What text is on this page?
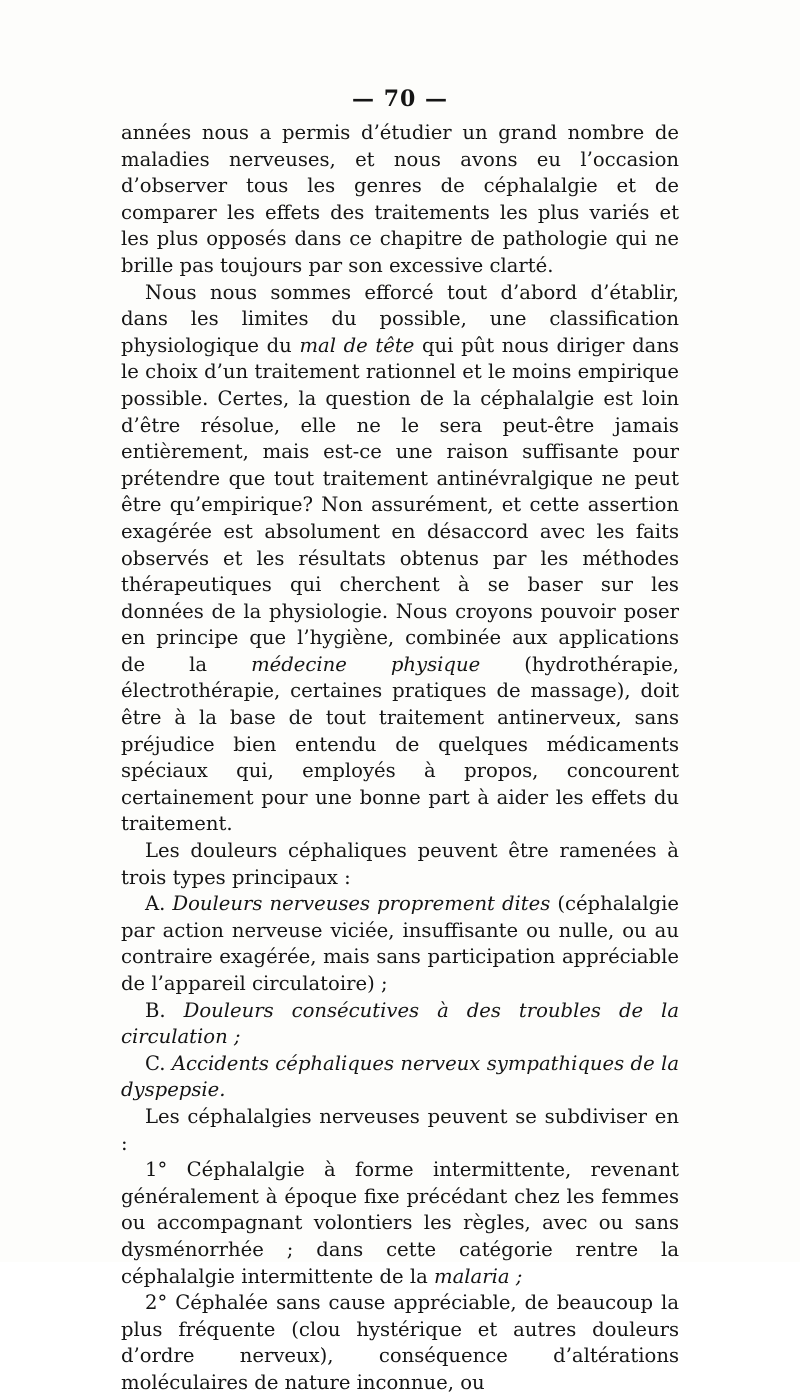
— 70 —

années nous a permis d’étudier un grand nombre de maladies nerveuses, et nous avons eu l’occasion d’observer tous les genres de céphalalgie et de comparer les effets des traitements les plus variés et les plus opposés dans ce chapitre de pathologie qui ne brille pas toujours par son excessive clarté.

Nous nous sommes efforcé tout d’abord d’établir, dans les limites du possible, une classification physiologique du mal de tête qui pût nous diriger dans le choix d’un traitement rationnel et le moins empirique possible. Certes, la question de la céphalalgie est loin d’être résolue, elle ne le sera peut-être jamais entièrement, mais est-ce une raison suffisante pour prétendre que tout traitement antinévralgique ne peut être qu’empirique? Non assurément, et cette assertion exagérée est absolument en désaccord avec les faits observés et les résultats obtenus par les méthodes thérapeutiques qui cherchent à se baser sur les données de la physiologie. Nous croyons pouvoir poser en principe que l’hygiène, combinée aux applications de la médecine physique (hydrothérapie, électrothérapie, certaines pratiques de massage), doit être à la base de tout traitement antinerveux, sans préjudice bien entendu de quelques médicaments spéciaux qui, employés à propos, concourent certainement pour une bonne part à aider les effets du traitement.

Les douleurs céphaliques peuvent être ramenées à trois types principaux :

A. Douleurs nerveuses proprement dites (céphalalgie par action nerveuse viciée, insuffisante ou nulle, ou au contraire exagérée, mais sans participation appréciable de l’appareil circulatoire) ;

B. Douleurs consécutives à des troubles de la circulation ;

C. Accidents céphaliques nerveux sympathiques de la dyspepsie.

Les céphalalgies nerveuses peuvent se subdiviser en :

1° Céphalalgie à forme intermittente, revenant généralement à époque fixe précédant chez les femmes ou accompagnant volontiers les règles, avec ou sans dysménorrhée ; dans cette catégorie rentre la céphalalgie intermittente de la malaria ;

2° Céphalée sans cause appréciable, de beaucoup la plus fréquente (clou hystérique et autres douleurs d’ordre nerveux), conséquence d’altérations moléculaires de nature inconnue, ou
